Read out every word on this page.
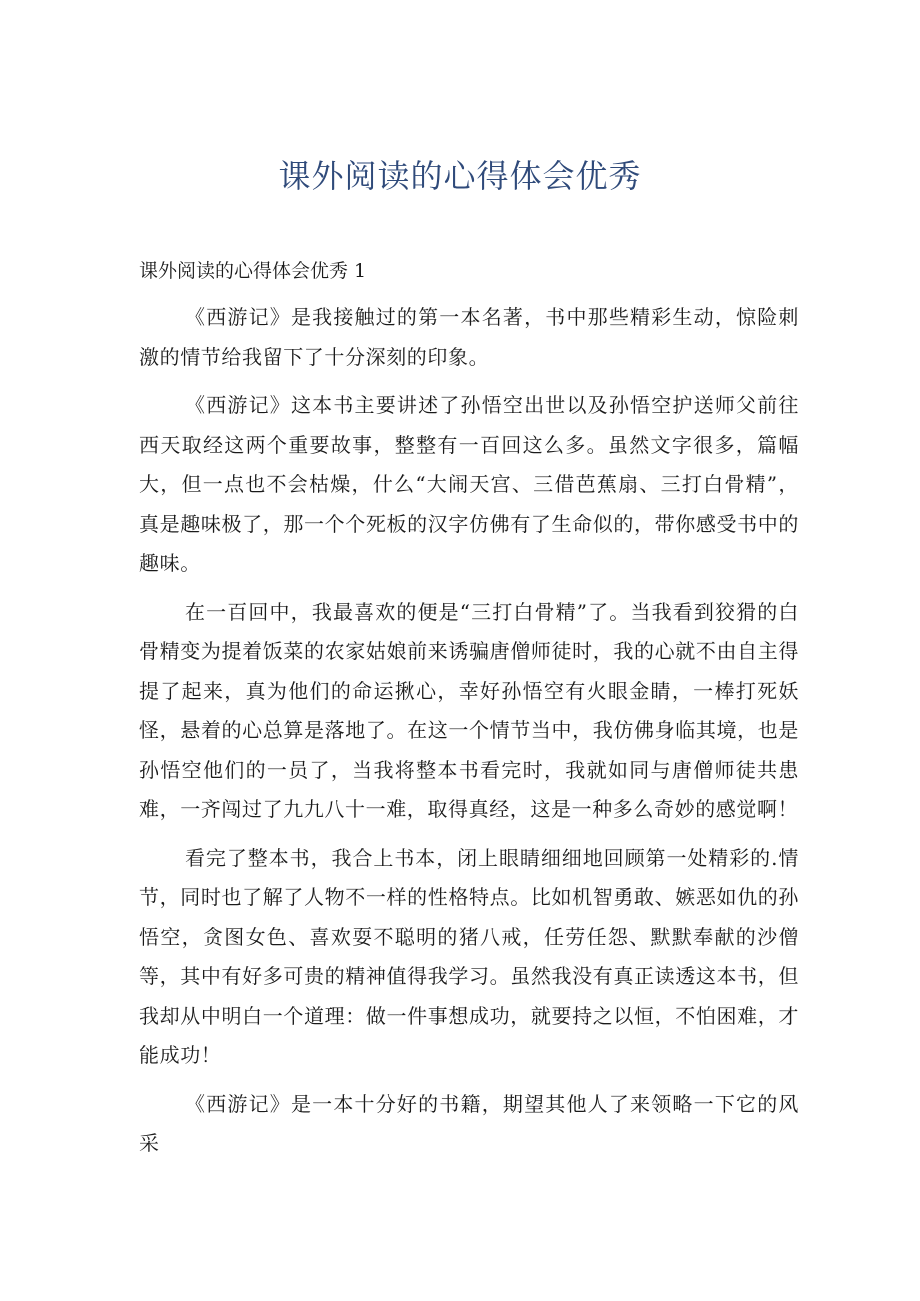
课外阅读的心得体会优秀

课外阅读的心得体会优秀 1

《西游记》是我接触过的第一本名著，书中那些精彩生动，惊险刺激的情节给我留下了十分深刻的印象。

《西游记》这本书主要讲述了孙悟空出世以及孙悟空护送师父前往西天取经这两个重要故事，整整有一百回这么多。虽然文字很多，篇幅大，但一点也不会枯燥，什么“大闹天宫、三借芭蕉扇、三打白骨精”，真是趣味极了，那一个个死板的汉字仿佛有了生命似的，带你感受书中的趣味。

在一百回中，我最喜欢的便是“三打白骨精”了。当我看到狡猾的白骨精变为提着饭菜的农家姑娘前来诱骗唐僧师徒时，我的心就不由自主得提了起来，真为他们的命运揪心，幸好孙悟空有火眼金睛，一棒打死妖怪，悬着的心总算是落地了。在这一个情节当中，我仿佛身临其境，也是孙悟空他们的一员了，当我将整本书看完时，我就如同与唐僧师徒共患难，一齐闯过了九九八十一难，取得真经，这是一种多么奇妙的感觉啊！

看完了整本书，我合上书本，闭上眼睛细细地回顾第一处精彩的.情节，同时也了解了人物不一样的性格特点。比如机智勇敢、嫉恶如仇的孙悟空，贪图女色、喜欢耍不聪明的猪八戒，任劳任怨、默默奉献的沙僧等，其中有好多可贵的精神值得我学习。虽然我没有真正读透这本书，但我却从中明白一个道理：做一件事想成功，就要持之以恒，不怕困难，才能成功！

《西游记》是一本十分好的书籍，期望其他人了来领略一下它的风采
